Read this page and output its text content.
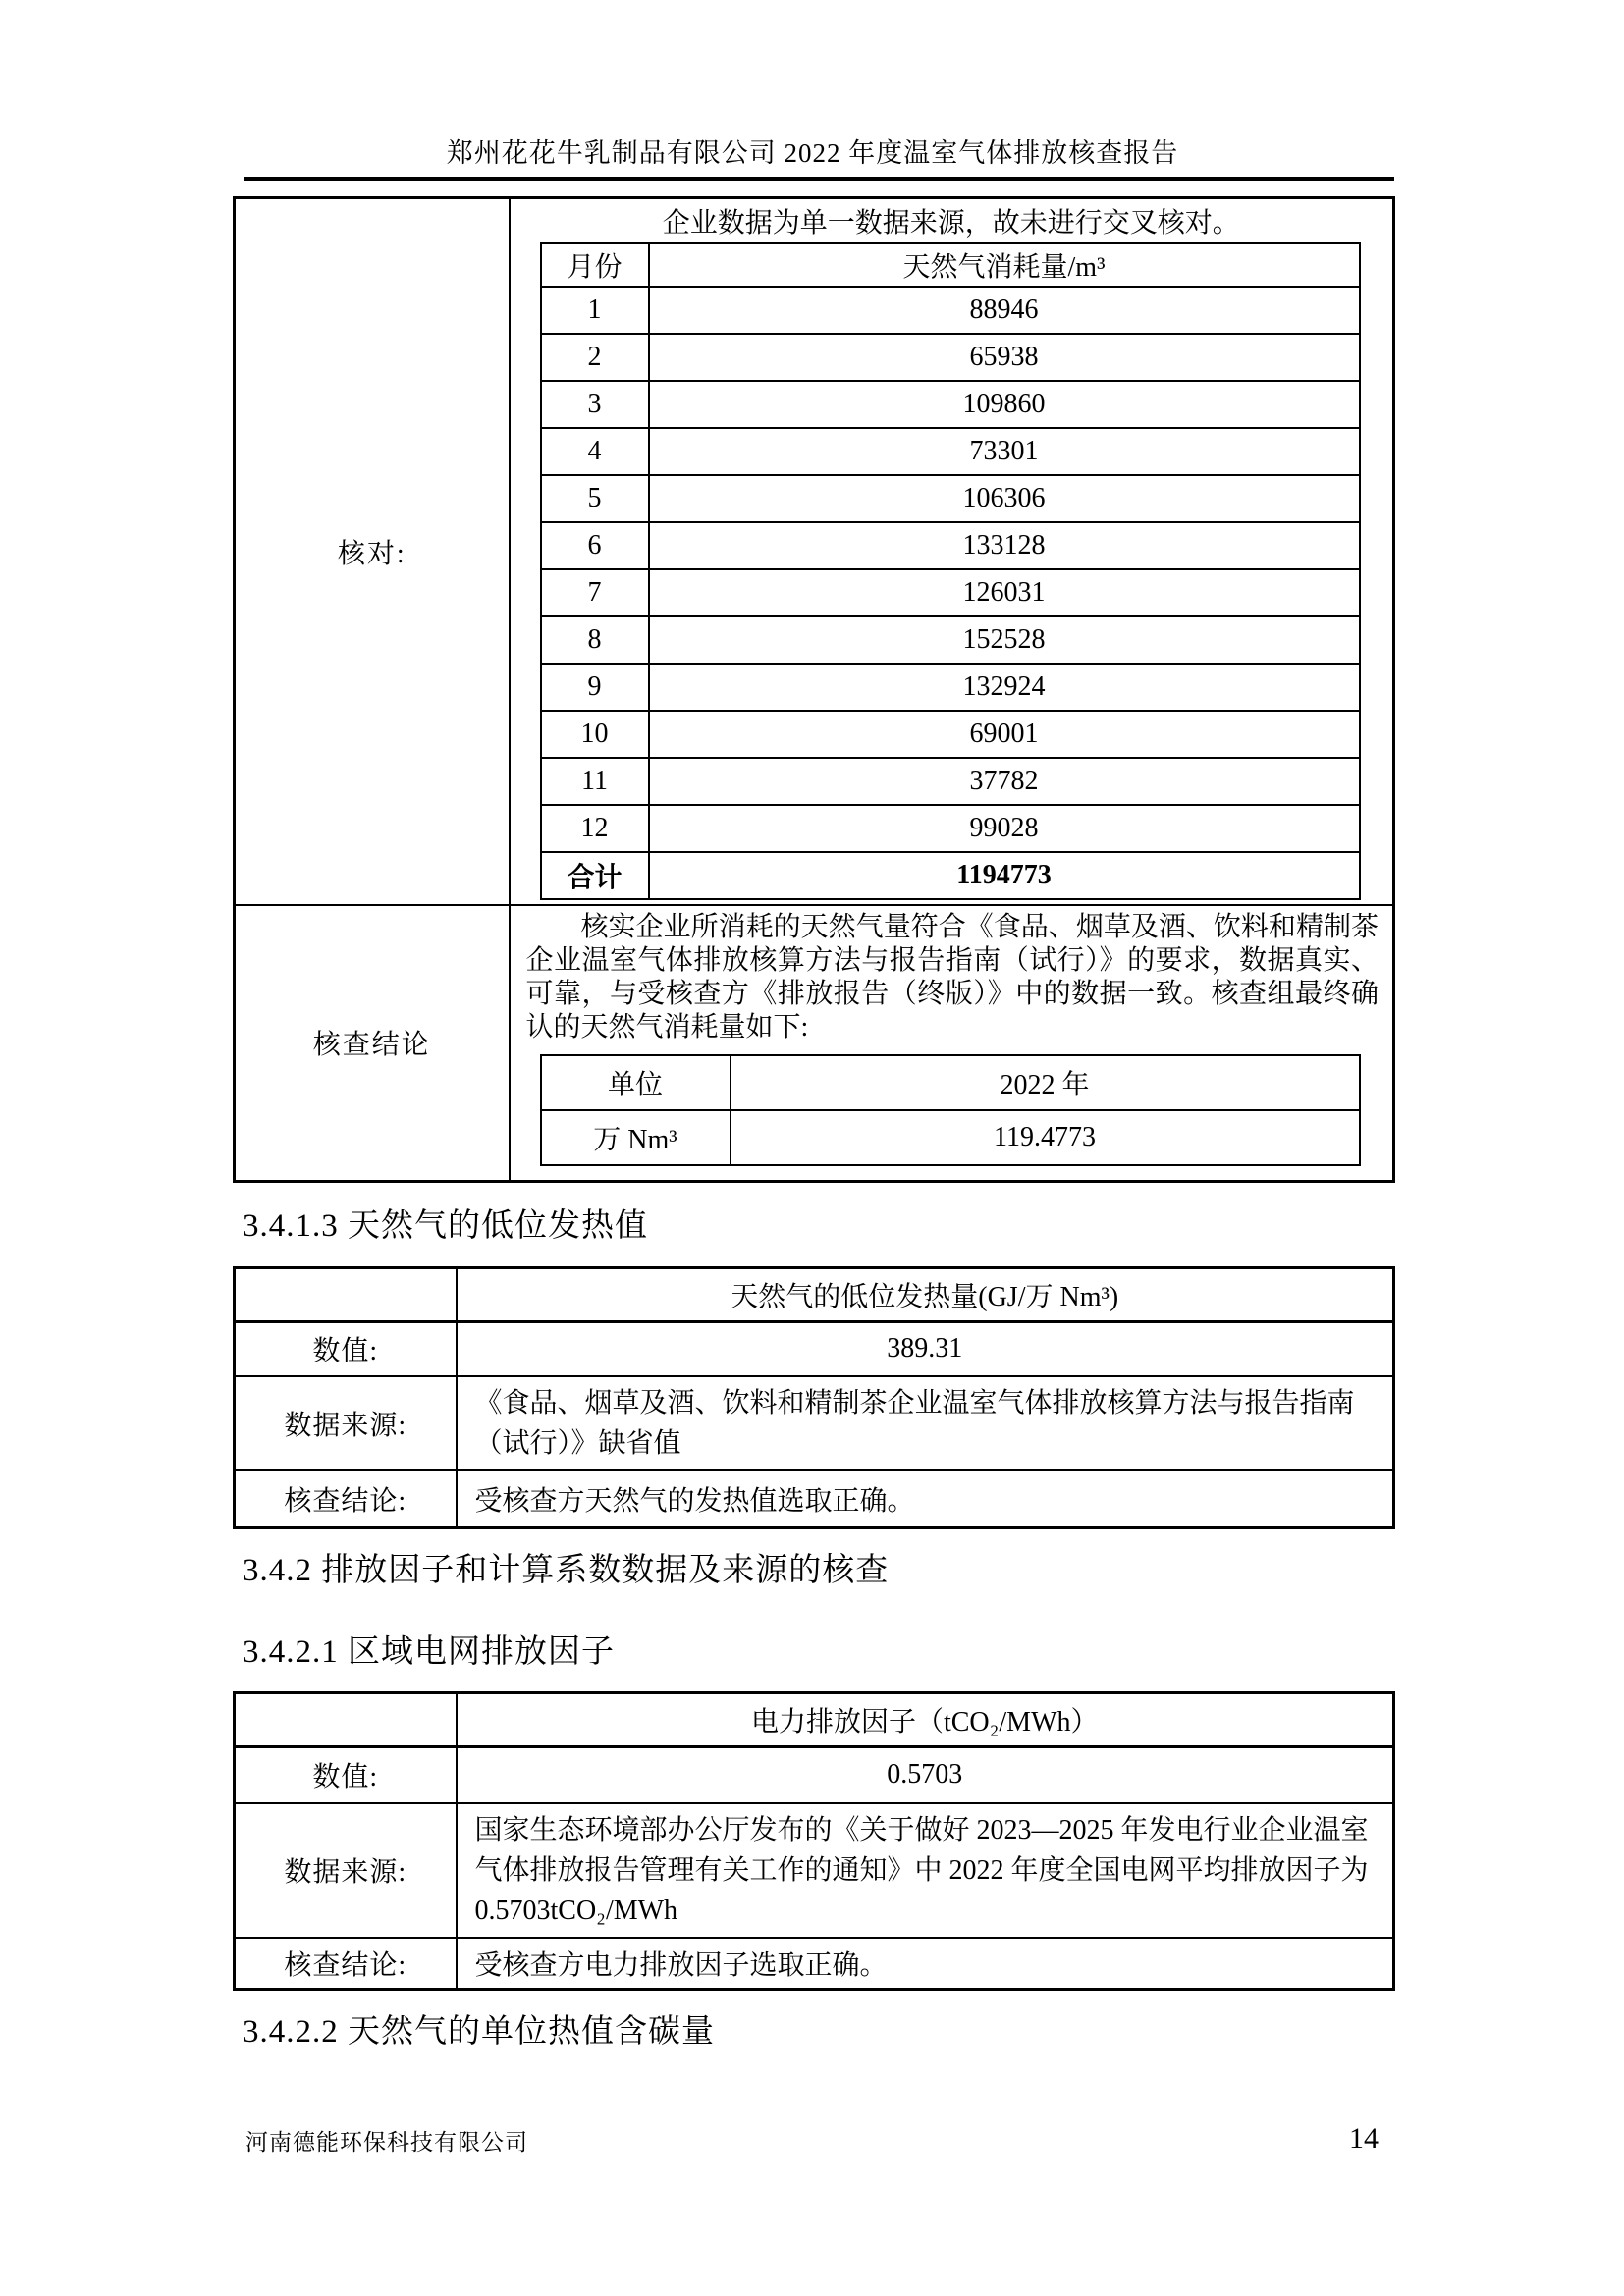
郑州花花牛乳制品有限公司 2022 年度温室气体排放核查报告
核对:	
企业数据为单一数据来源，故未进行交叉核对。
月份	天然气消耗量/m³
1	88946
2	65938
3	109860
4	73301
5	106306
6	133128
7	126031
8	152528
9	132924
10	69001
11	37782
12	99028
合计	1194773

核查结论	
核实企业所消耗的天然气量符合《食品、烟草及酒、饮料和精制茶企业温室气体排放核算方法与报告指南（试行）》的要求，数据真实、可靠，与受核查方《排放报告（终版）》中的数据一致。核查组最终确认的天然气消耗量如下:
单位	2022 年
万 Nm³	119.4773
3.4.1.3 天然气的低位发热值
	天然气的低位发热量(GJ/万 Nm³)
数值:	389.31
数据来源:	《食品、烟草及酒、饮料和精制茶企业温室气体排放核算方法与报告指南（试行）》缺省值
核查结论:	受核查方天然气的发热值选取正确。
3.4.2 排放因子和计算系数数据及来源的核查
3.4.2.1 区域电网排放因子
	电力排放因子（tCO₂/MWh）
数值:	0.5703
数据来源:	国家生态环境部办公厅发布的《关于做好 2023—2025 年发电行业企业温室气体排放报告管理有关工作的通知》中 2022 年度全国电网平均排放因子为 0.5703tCO₂/MWh
核查结论:	受核查方电力排放因子选取正确。
3.4.2.2 天然气的单位热值含碳量
河南德能环保科技有限公司	14
